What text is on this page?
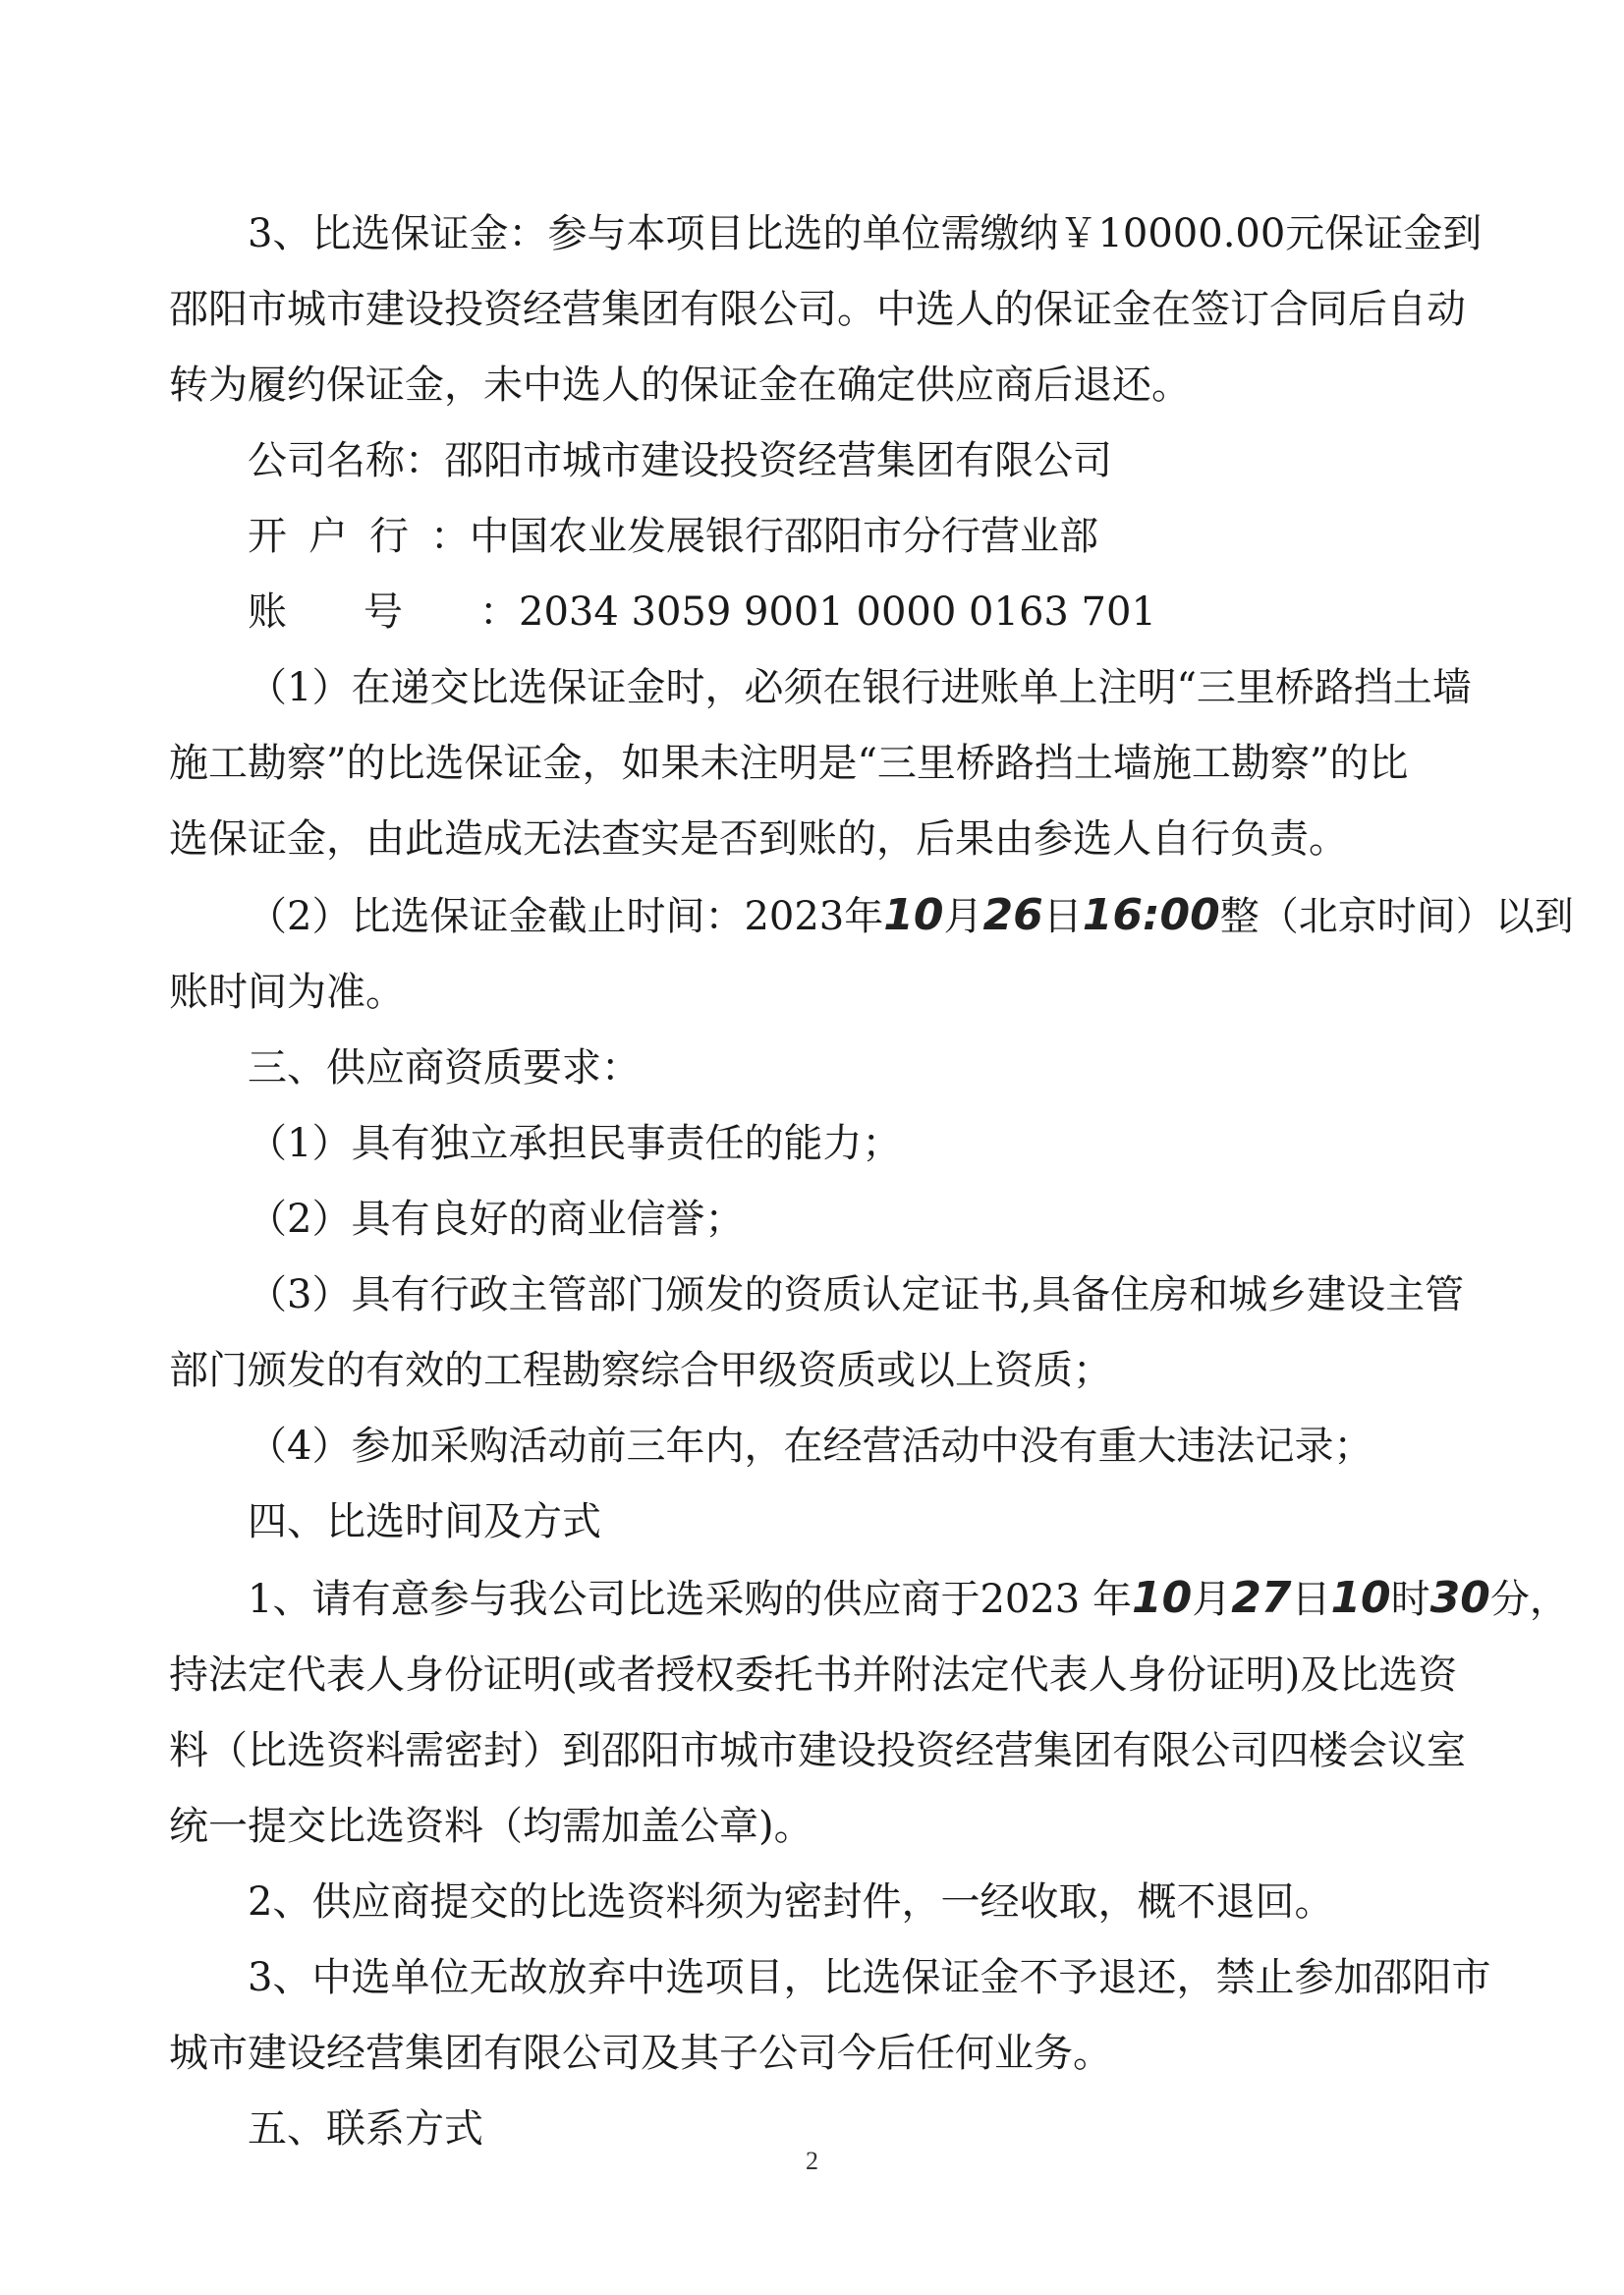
3、比选保证金：参与本项目比选的单位需缴纳￥10000.00元保证金到
邵阳市城市建设投资经营集团有限公司。中选人的保证金在签订合同后自动
转为履约保证金，未中选人的保证金在确定供应商后退还。
公司名称：邵阳市城市建设投资经营集团有限公司
开户行：中国农业发展银行邵阳市分行营业部
账号：2034 3059 9001 0000 0163 701
（1）在递交比选保证金时，必须在银行进账单上注明“三里桥路挡土墙
施工勘察”的比选保证金，如果未注明是“三里桥路挡土墙施工勘察”的比
选保证金，由此造成无法查实是否到账的，后果由参选人自行负责。
（2）比选保证金截止时间：2023年10月26日16:00整（北京时间）以到
账时间为准。
三、供应商资质要求：
（1）具有独立承担民事责任的能力；
（2）具有良好的商业信誉；
（3）具有行政主管部门颁发的资质认定证书,具备住房和城乡建设主管
部门颁发的有效的工程勘察综合甲级资质或以上资质；
（4）参加采购活动前三年内，在经营活动中没有重大违法记录；
四、比选时间及方式
1、请有意参与我公司比选采购的供应商于2023 年10月27日10时30分，
持法定代表人身份证明(或者授权委托书并附法定代表人身份证明)及比选资
料（比选资料需密封）到邵阳市城市建设投资经营集团有限公司四楼会议室
统一提交比选资料（均需加盖公章)。
2、供应商提交的比选资料须为密封件，一经收取，概不退回。
3、中选单位无故放弃中选项目，比选保证金不予退还，禁止参加邵阳市
城市建设经营集团有限公司及其子公司今后任何业务。
五、联系方式
2
